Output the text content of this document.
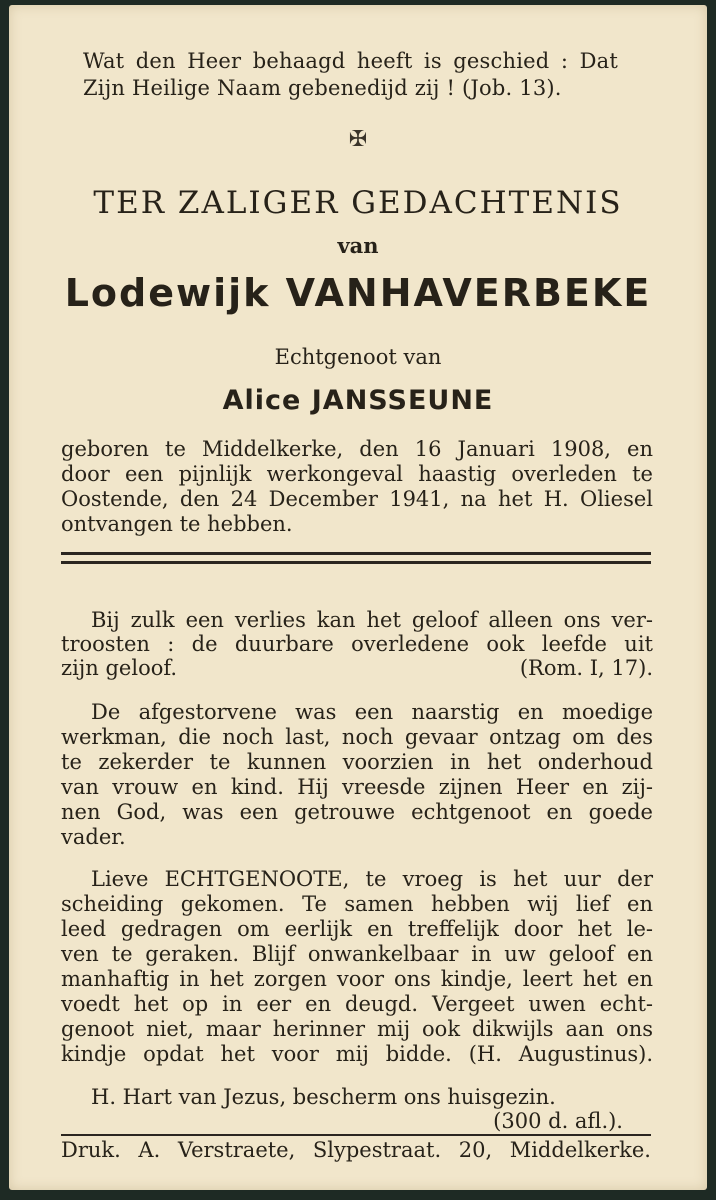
Wat den Heer behaagd heeft is geschied : Dat

Zijn Heilige Naam gebenedijd zij ! (Job. 13).

✠

TER ZALIGER GEDACHTENIS

van

Lodewijk VANHAVERBEKE

Echtgenoot van

Alice JANSSEUNE

geboren te Middelkerke, den 16 Januari 1908, en

door een pijnlijk werkongeval haastig overleden te

Oostende, den 24 December 1941, na het H. Oliesel

ontvangen te hebben.

Bij zulk een verlies kan het geloof alleen ons ver-

troosten : de duurbare overledene ook leefde uit

zijn geloof.	(Rom. I, 17).

De afgestorvene was een naarstig en moedige

werkman, die noch last, noch gevaar ontzag om des

te zekerder te kunnen voorzien in het onderhoud

van vrouw en kind. Hij vreesde zijnen Heer en zij-

nen God, was een getrouwe echtgenoot en goede

vader.

Lieve ECHTGENOOTE, te vroeg is het uur der

scheiding gekomen. Te samen hebben wij lief en

leed gedragen om eerlijk en treffelijk door het le-

ven te geraken. Blijf onwankelbaar in uw geloof en

manhaftig in het zorgen voor ons kindje, leert het en

voedt het op in eer en deugd. Vergeet uwen echt-

genoot niet, maar herinner mij ook dikwijls aan ons

kindje opdat het voor mij bidde. (H. Augustinus).

H. Hart van Jezus, bescherm ons huisgezin.

(300 d. afl.).

Druk. A. Verstraete, Slypestraat. 20, Middelkerke.
